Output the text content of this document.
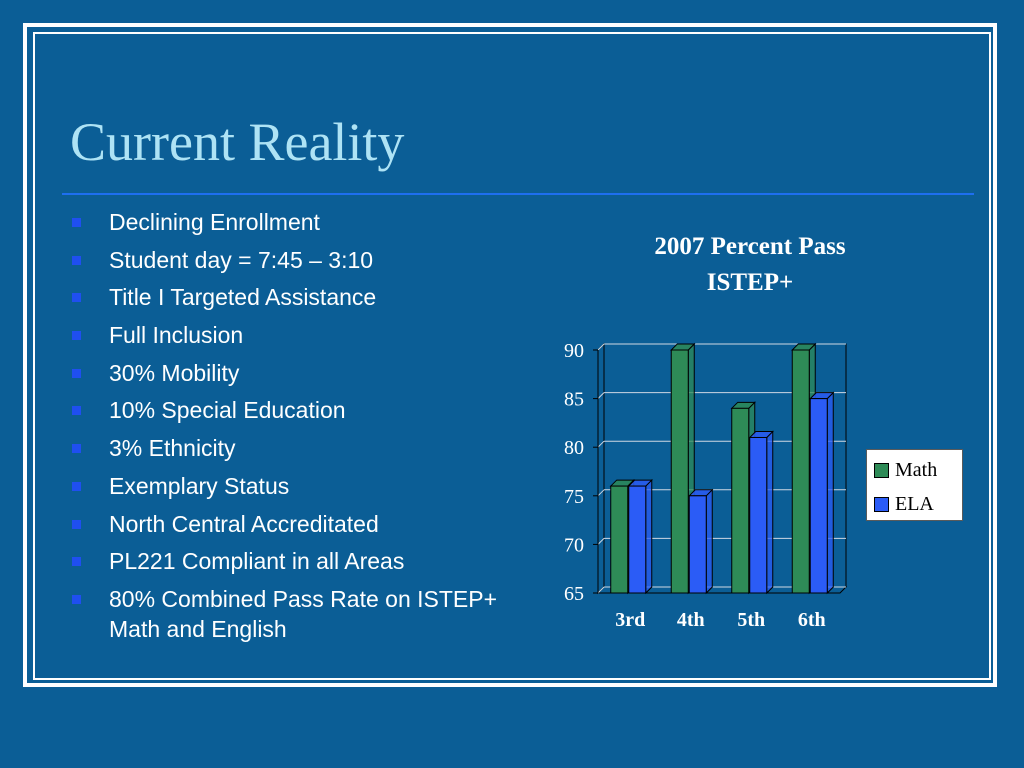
Current Reality
Declining Enrollment
Student day = 7:45 – 3:10
Title I Targeted Assistance
Full Inclusion
30% Mobility
10% Special Education
3% Ethnicity
Exemplary Status
North Central Accreditated
PL221 Compliant in all Areas
80% Combined Pass Rate on ISTEP+ Math and English
2007 Percent Pass
ISTEP+
65
70
75
80
85
90
3rd 4th 5th 6th
Math
ELA
